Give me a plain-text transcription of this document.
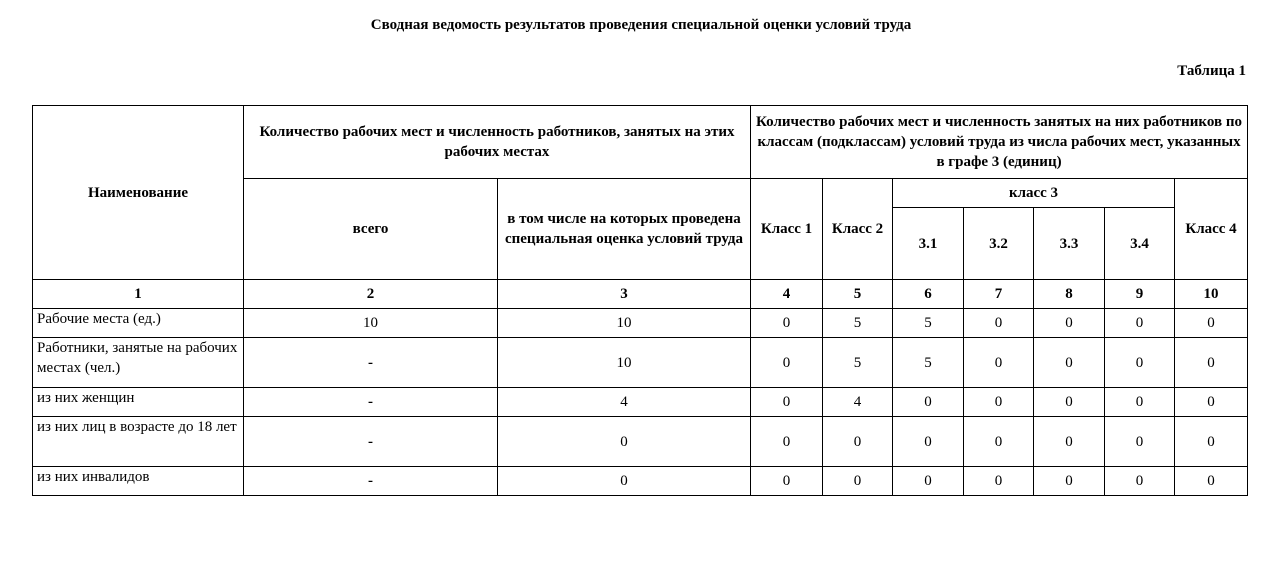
Сводная ведомость результатов проведения специальной оценки условий труда
Таблица 1
Наименование	Количество рабочих мест и численность работников, занятых на этих рабочих местах		Количество рабочих мест и численность занятых на них работников по классам (подклассам) условий труда из числа рабочих мест, указанных в графе 3 (единиц)						
	всего	в том числе на которых проведена специальная оценка условий труда	Класс 1	Класс 2	класс 3				Класс 4
					3.1	3.2	3.3	3.4	
1	2	3	4	5	6	7	8	9	10
Рабочие места (ед.)	10	10	0	5	5	0	0	0	0
Работники, занятые на рабочих местах (чел.)	-	10	0	5	5	0	0	0	0
из них женщин	-	4	0	4	0	0	0	0	0
из них лиц в возрасте до 18 лет	-	0	0	0	0	0	0	0	0
из них инвалидов	-	0	0	0	0	0	0	0	0
